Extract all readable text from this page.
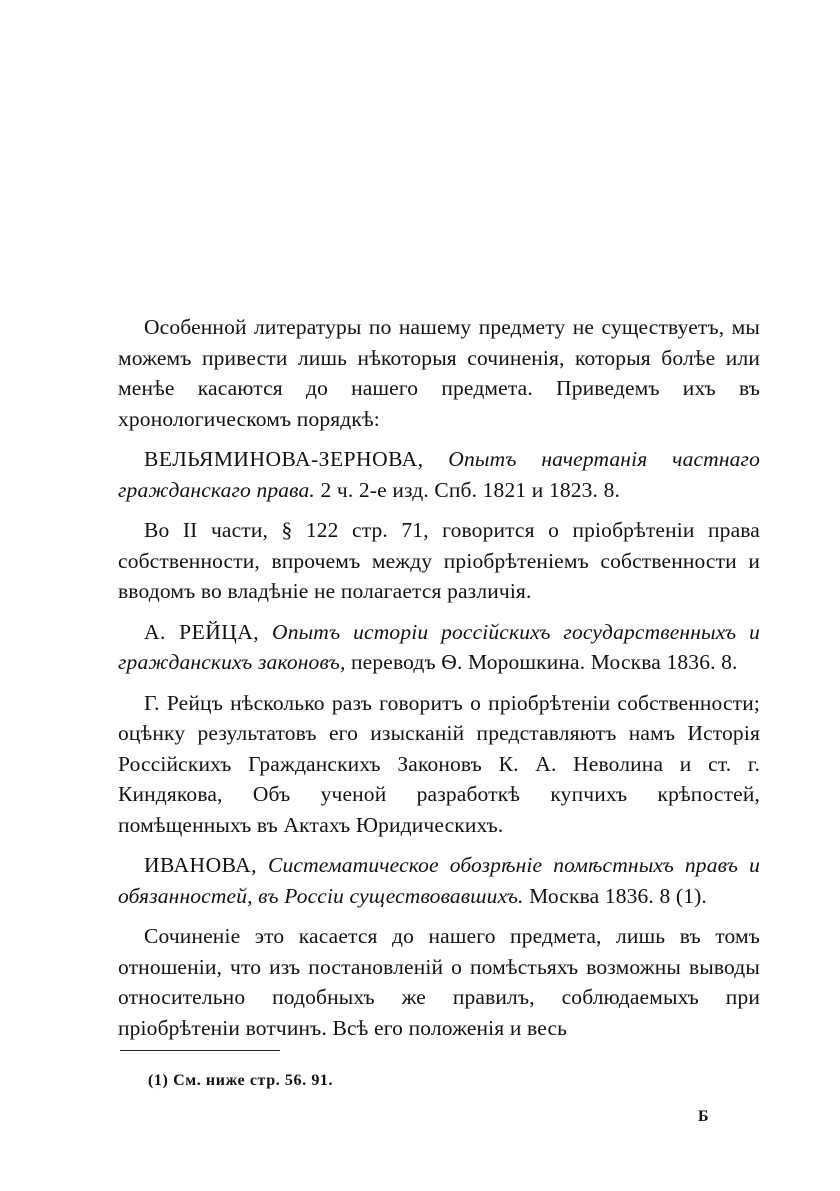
Особенной литературы по нашему предмету не существуетъ, мы можемъ привести лишь нѣкоторыя сочиненія, которыя болѣе или менѣе касаются до нашего предмета. Приведемъ ихъ въ хронологическомъ порядкѣ:

ВЕЛЬЯМИНОВА-ЗЕРНОВА, Опытъ начертанія частнаго гражданскаго права. 2 ч. 2-е изд. Спб. 1821 и 1823. 8.

Во II части, § 122 стр. 71, говорится о пріобрѣтеніи права собственности, впрочемъ между пріобрѣтеніемъ собственности и вводомъ во владѣніе не полагается различія.

А. РЕЙЦА, Опытъ исторіи россійскихъ государственныхъ и гражданскихъ законовъ, переводъ Ѳ. Морошкина. Москва 1836. 8.

Г. Рейцъ нѣсколько разъ говоритъ о пріобрѣтеніи собственности; оцѣнку результатовъ его изысканій представляютъ намъ Исторія Россійскихъ Гражданскихъ Законовъ К. А. Неволина и ст. г. Киндякова, Объ ученой разработкѣ купчихъ крѣпостей, помѣщенныхъ въ Актахъ Юридическихъ.

ИВАНОВА, Систематическое обозрѣніе помѣстныхъ правъ и обязанностей, въ Россіи существовавшихъ. Москва 1836. 8 (1).

Сочиненіе это касается до нашего предмета, лишь въ томъ отношеніи, что изъ постановленій о помѣстьяхъ возможны выводы относительно подобныхъ же правилъ, соблюдаемыхъ при пріобрѣтеніи вотчинъ. Всѣ его положенія и весь

(1) См. ниже стр. 56. 91.
Б
